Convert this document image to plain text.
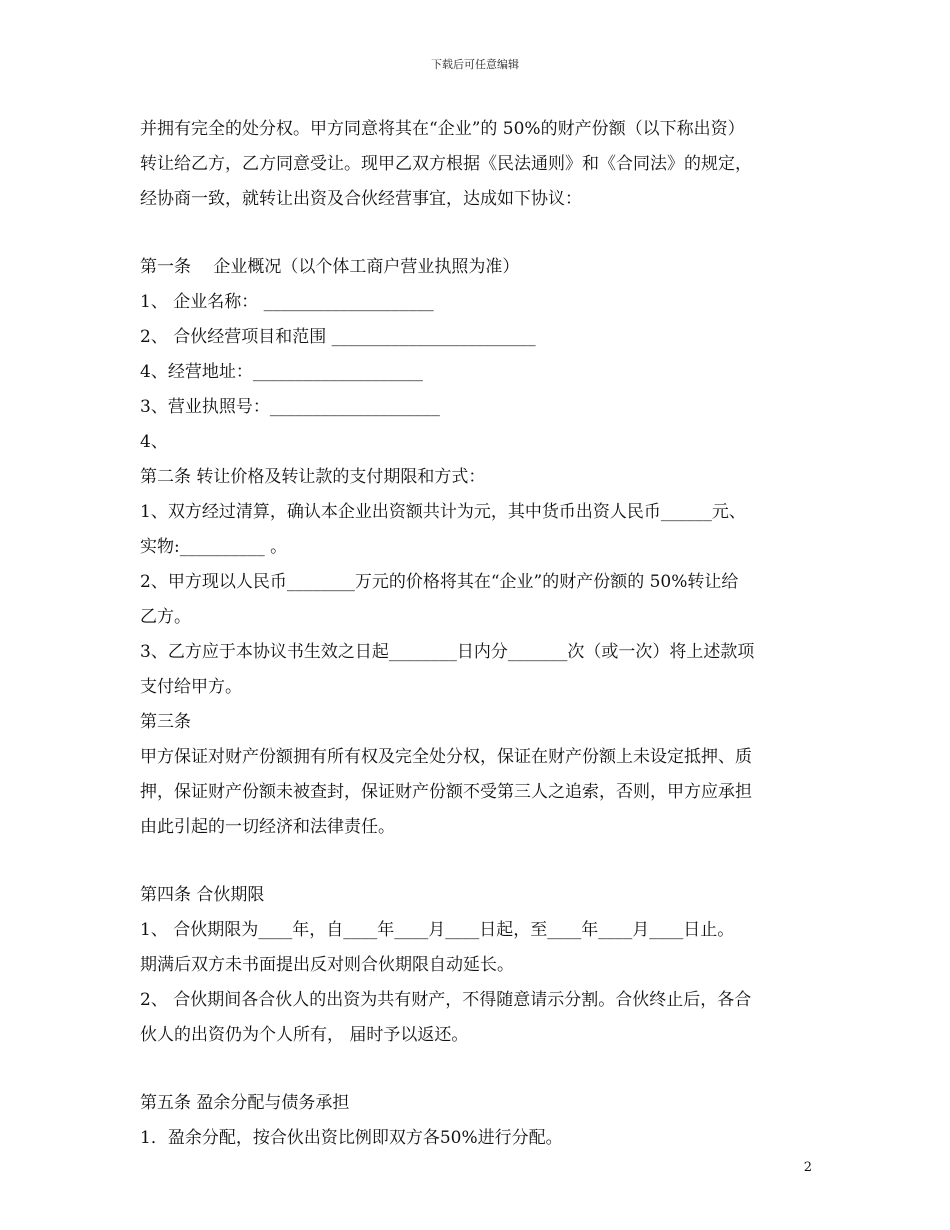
下载后可任意编辑
并拥有完全的处分权。甲方同意将其在“企业”的 50%的财产份额（以下称出资）
转让给乙方，乙方同意受让。现甲乙双方根据《民法通则》和《合同法》的规定，
经协商一致，就转让出资及合伙经营事宜，达成如下协议：
第一条　 企业概况（以个体工商户营业执照为准）
1、 企业名称： ____________________
2、 合伙经营项目和范围 ________________________
4、经营地址：____________________
3、营业执照号：____________________
4、
第二条 转让价格及转让款的支付期限和方式：
1、双方经过清算，确认本企业出资额共计为元，其中货币出资人民币______元、
实物:__________ 。
2、甲方现以人民币________万元的价格将其在“企业”的财产份额的 50%转让给
乙方。
3、乙方应于本协议书生效之日起________日内分_______次（或一次）将上述款项
支付给甲方。
第三条
甲方保证对财产份额拥有所有权及完全处分权，保证在财产份额上未设定抵押、质
押，保证财产份额未被查封，保证财产份额不受第三人之追索，否则，甲方应承担
由此引起的一切经济和法律责任。
第四条 合伙期限
1、 合伙期限为____年，自____年____月____日起，至____年____月____日止。
期满后双方未书面提出反对则合伙期限自动延长。
2、 合伙期间各合伙人的出资为共有财产，不得随意请示分割。合伙终止后，各合
伙人的出资仍为个人所有， 届时予以返还。
第五条 盈余分配与债务承担
1．盈余分配，按合伙出资比例即双方各50%进行分配。
2
